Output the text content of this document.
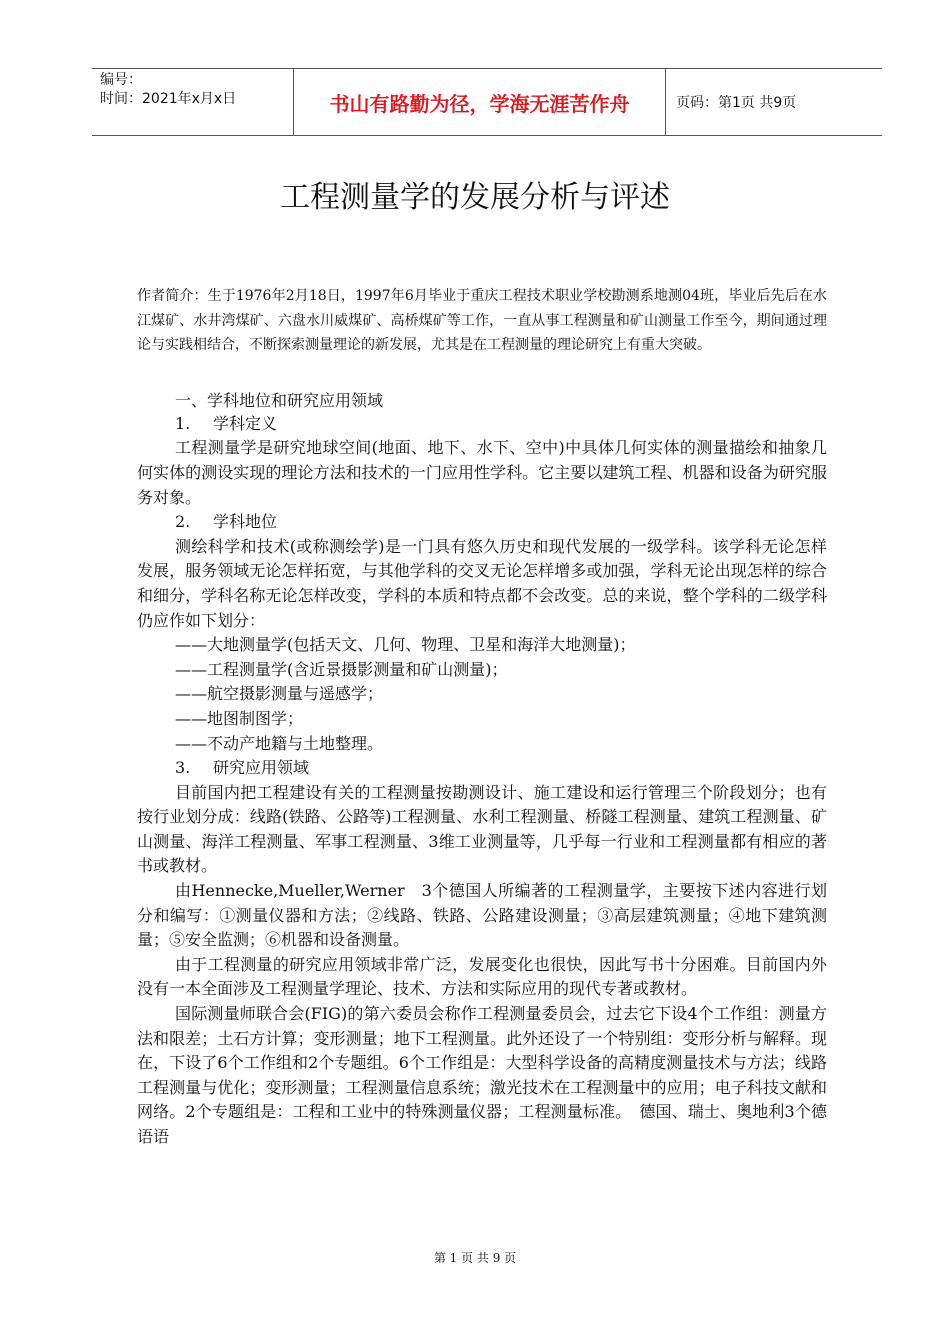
编号：
时间：2021年x月x日	书山有路勤为径，学海无涯苦作舟	页码：第1页 共9页
工程测量学的发展分析与评述

作者简介：生于1976年2月18日，1997年6月毕业于重庆工程技术职业学校勘测系地测04班，毕业后先后在水江煤矿、水井湾煤矿、六盘水川威煤矿、高桥煤矿等工作，一直从事工程测量和矿山测量工作至今，期间通过理论与实践相结合，不断探索测量理论的新发展，尤其是在工程测量的理论研究上有重大突破。

一、学科地位和研究应用领域

1. 学科定义

工程测量学是研究地球空间(地面、地下、水下、空中)中具体几何实体的测量描绘和抽象几何实体的测设实现的理论方法和技术的一门应用性学科。它主要以建筑工程、机器和设备为研究服务对象。

2. 学科地位

测绘科学和技术(或称测绘学)是一门具有悠久历史和现代发展的一级学科。该学科无论怎样发展，服务领域无论怎样拓宽，与其他学科的交叉无论怎样增多或加强，学科无论出现怎样的综合和细分，学科名称无论怎样改变，学科的本质和特点都不会改变。总的来说，整个学科的二级学科仍应作如下划分：

——大地测量学(包括天文、几何、物理、卫星和海洋大地测量)；

——工程测量学(含近景摄影测量和矿山测量)；

——航空摄影测量与遥感学；

——地图制图学；

——不动产地籍与土地整理。

3. 研究应用领域

目前国内把工程建设有关的工程测量按勘测设计、施工建设和运行管理三个阶段划分；也有按行业划分成：线路(铁路、公路等)工程测量、水利工程测量、桥隧工程测量、建筑工程测量、矿山测量、海洋工程测量、军事工程测量、3维工业测量等，几乎每一行业和工程测量都有相应的著书或教材。

由Hennecke,Mueller,Werner　3个德国人所编著的工程测量学，主要按下述内容进行划分和编写：①测量仪器和方法；②线路、铁路、公路建设测量；③高层建筑测量；④地下建筑测量；⑤安全监测；⑥机器和设备测量。

由于工程测量的研究应用领域非常广泛，发展变化也很快，因此写书十分困难。目前国内外没有一本全面涉及工程测量学理论、技术、方法和实际应用的现代专著或教材。

国际测量师联合会(FIG)的第六委员会称作工程测量委员会，过去它下设4个工作组：测量方法和限差；土石方计算；变形测量；地下工程测量。此外还设了一个特别组：变形分析与解释。现在，下设了6个工作组和2个专题组。6个工作组是：大型科学设备的高精度测量技术与方法；线路工程测量与优化；变形测量；工程测量信息系统；激光技术在工程测量中的应用；电子科技文献和网络。2个专题组是：工程和工业中的特殊测量仪器；工程测量标准。　德国、瑞士、奥地利3个德语语

第 1 页 共 9 页
